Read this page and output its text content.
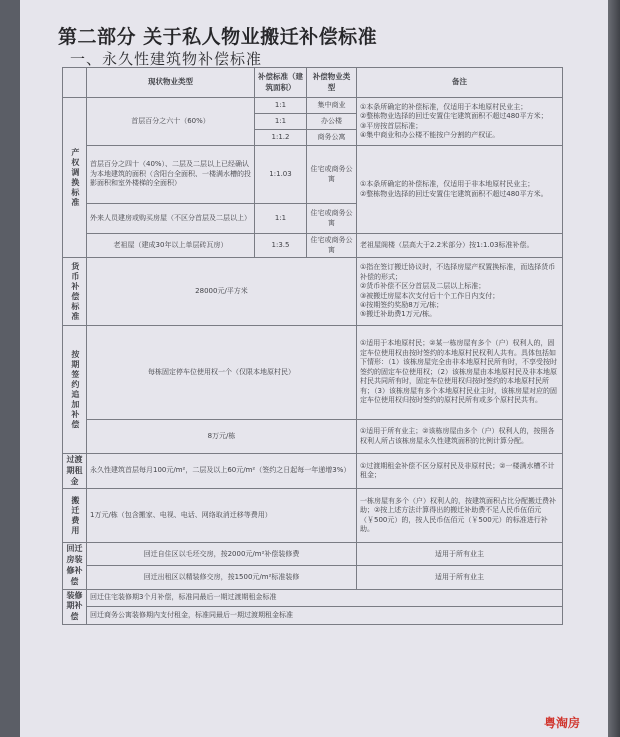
第二部分 关于私人物业搬迁补偿标准
一、永久性建筑物补偿标准
	现状物业类型	补偿标准（建筑面积）	补偿物业类型	备注

产权调换标准	首层百分之六十（60%）	1:1	集中商业	①本条所确定的补偿标准，仅适用于本地原村民业主；
②整栋物业选择的回迁安置住宅建筑面积不超过480平方米；
③平房按首层标准；
④集中商业和办公楼不能按户分割的产权证。
		1:1	办公楼	
		1:1.2	商务公寓	
	首层百分之四十（40%）、二层及二层以上已经确认为本地建筑的面积（含阳台全面积、一楼满水槽的投影面积和室外楼梯的全面积）	1:1.03	住宅或商务公寓	①本条所确定的补偿标准，仅适用于非本地原村民业主；
②整栋物业选择的回迁安置住宅建筑面积不超过480平方米。
	外来人员建房或购买房屋（不区分首层及二层以上）	1:1	住宅或商务公寓	
	老祖屋（建成30年以上单层砖瓦房）	1:3.5	住宅或商务公寓	老祖屋阁楼（层高大于2.2米部分）按1:1.03标准补偿。

货币补偿标准	28000元/平方米			①指在签订搬迁协议时，不选择房屋产权置换标准，而选择货币补偿的形式；
②货币补偿不区分首层及二层以上标准；
③被搬迁房屋本次支付后十个工作日内支付；
④按期签约奖励8万元/栋；
⑤搬迁补助费1万元/栋。

按期签约追加补偿	每栋固定停车位使用权一个（仅限本地原村民）			①适用于本地原村民；②某一栋房屋有多个（户）权利人的，固定车位使用权由按时签约的本地原村民权利人共有。具体包括如下情形：（1）该栋房屋完全由非本地原村民所有时，不享受按时签约的固定车位使用权；（2）该栋房屋由本地原村民及非本地原村民共同所有时，固定车位使用权归按时签约的本地原村民所有；（3）该栋房屋有多个本地原村民业主时，该栋房屋对应的固定车位使用权归按时签约的原村民所有或多个原村民共有。
	8万元/栋			①适用于所有业主；②该栋房屋由多个（户）权利人的，按照各权利人所占该栋房屋永久性建筑面积的比例计算分配。
过渡期租金	永久性建筑首层每月100元/m²，二层及以上60元/m²（签约之日起每一年递增3%）			①过渡期租金补偿不区分原村民及非原村民；②一楼满水槽不计租金；

搬迁费用	1万元/栋（包含搬家、电视、电话、网络取消迁移等费用）			一栋房屋有多个（户）权利人的，按建筑面积占比分配搬迁费补助；②按上述方法计算得出的搬迁补助费不足人民币伍佰元（￥500元）的，按人民币伍佰元（￥500元）的标准进行补助。
回迁房装修补偿	回迁自住区以毛坯交房，按2000元/m²补偿装修费			适用于所有业主
	回迁出租区以精装修交房，按1500元/m²标准装修			适用于所有业主
装修期补偿	回迁住宅装修期3个月补偿，标准同最后一期过渡期租金标准			
	回迁商务公寓装修期内支付租金，标准同最后一期过渡期租金标准			
粤淘房
